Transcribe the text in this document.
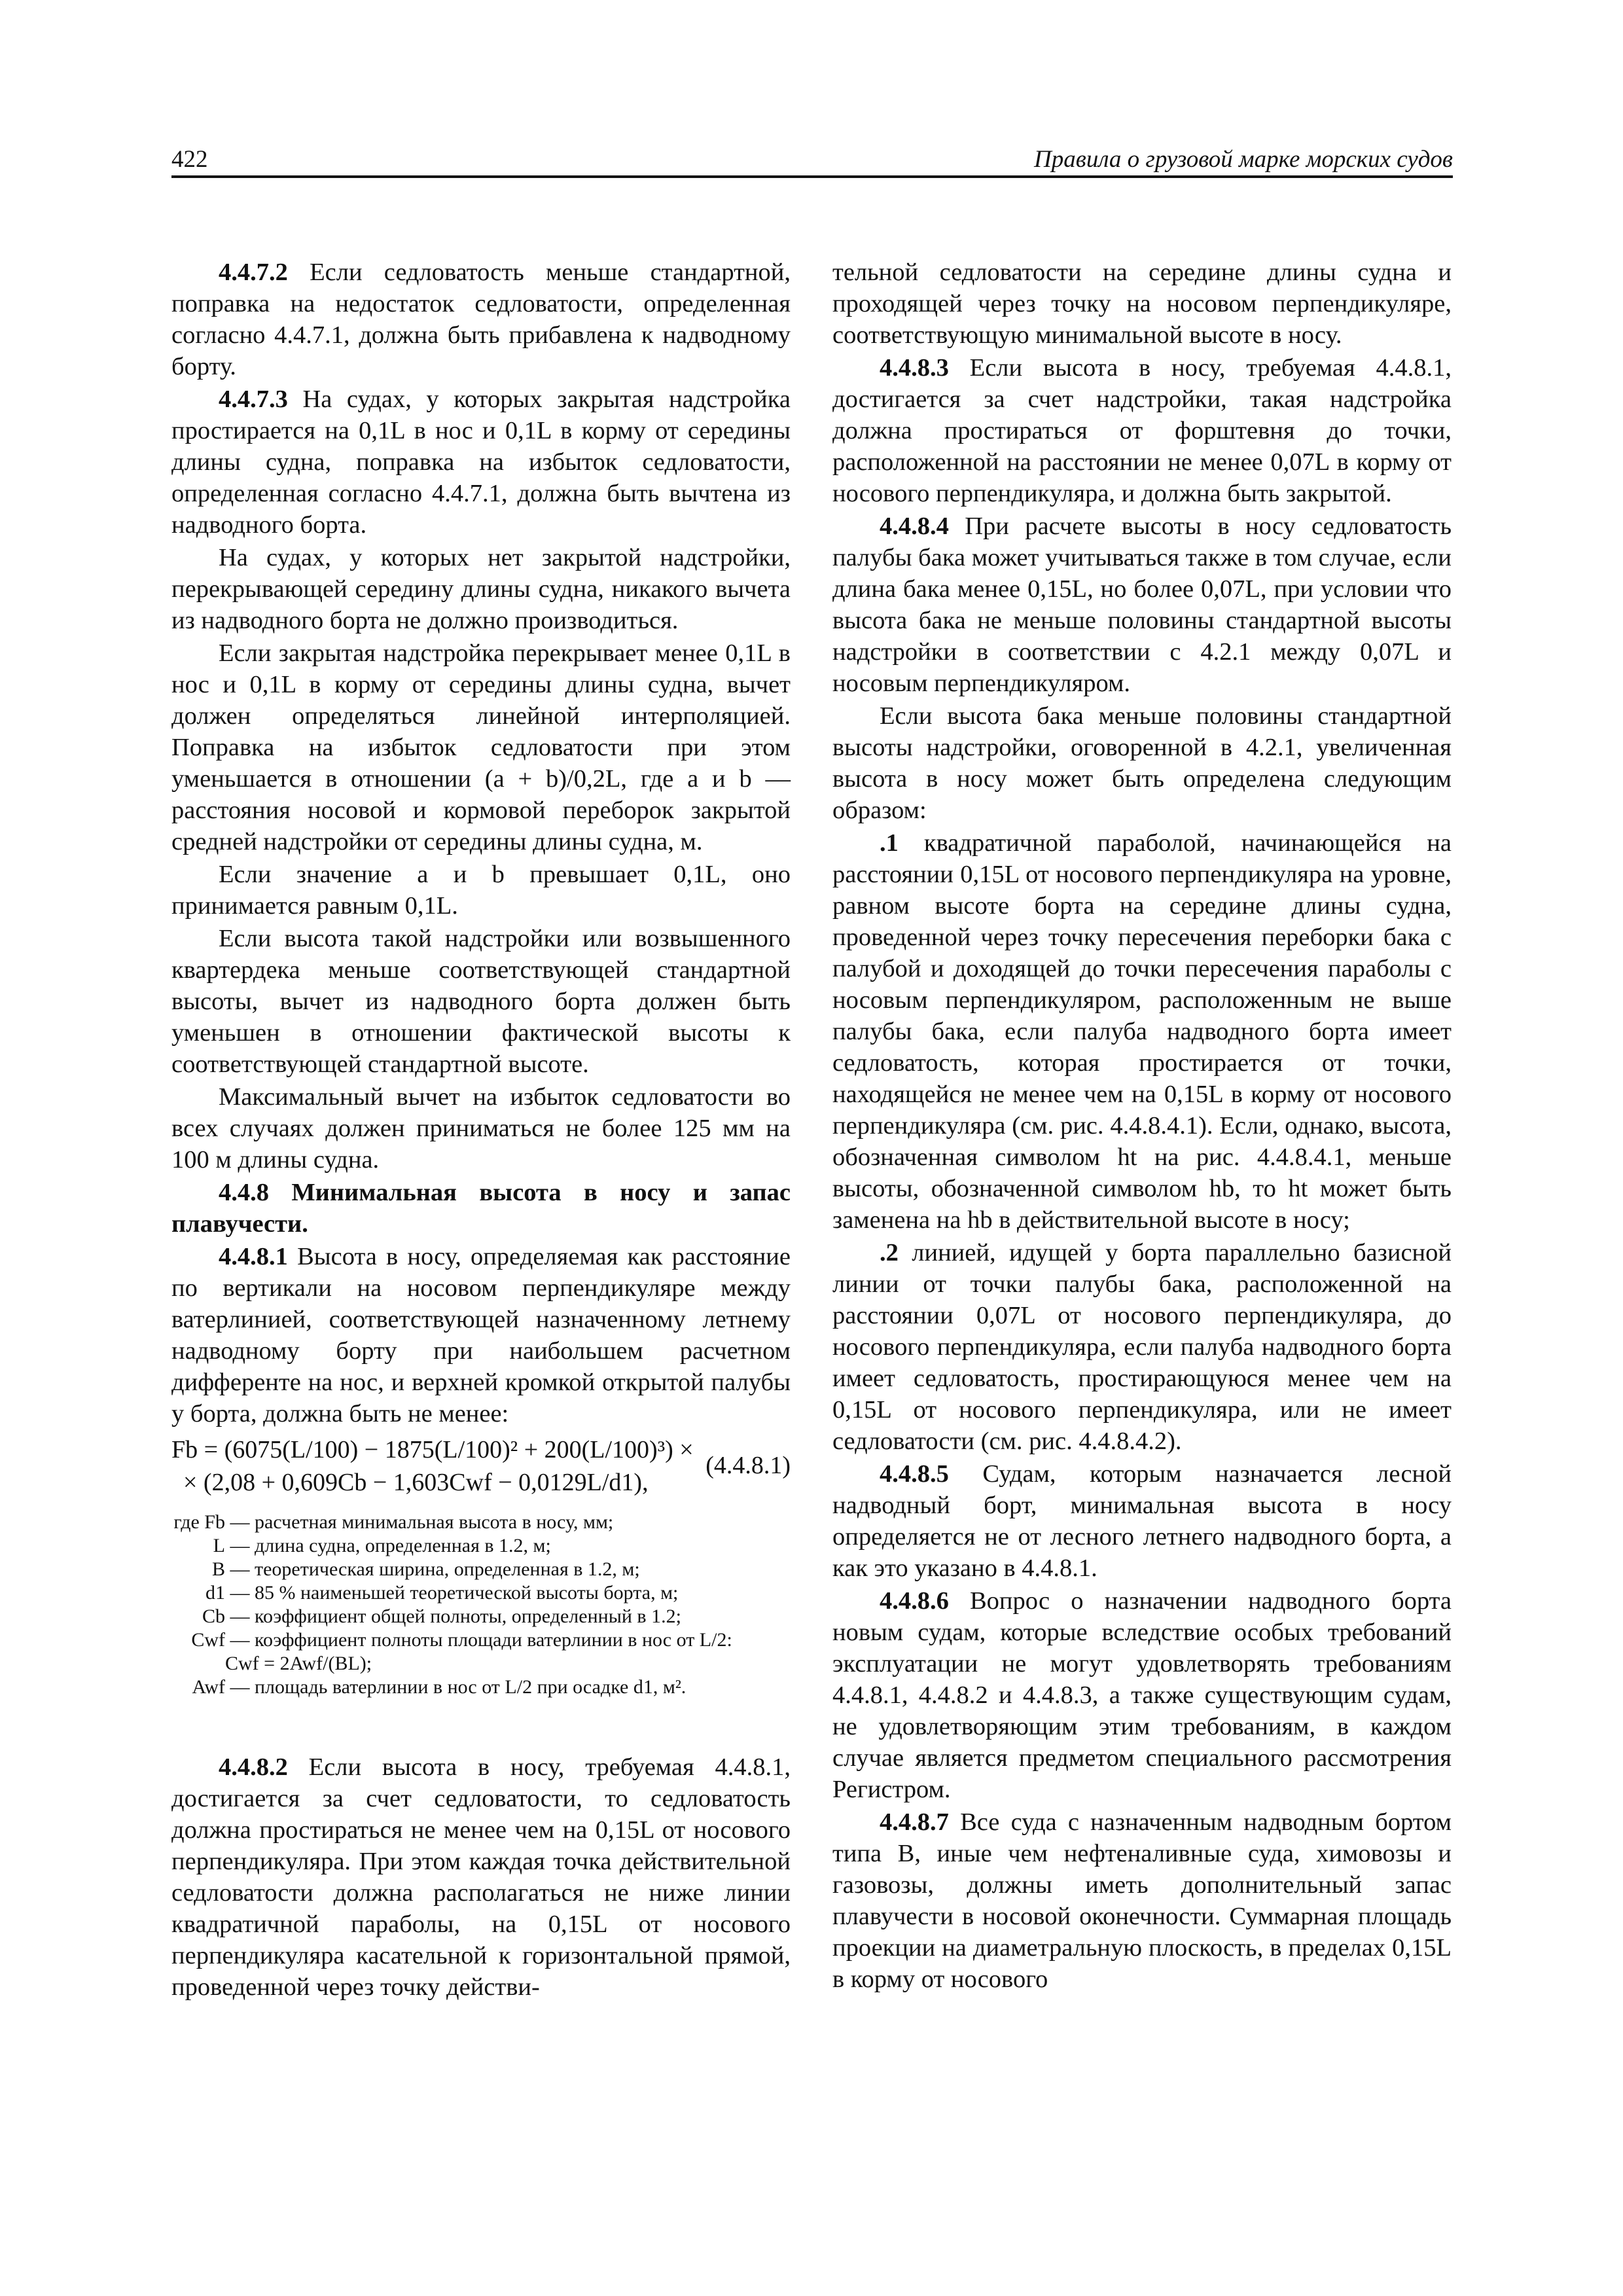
422	Правила о грузовой марке морских судов

4.4.7.2 Если седловатость меньше стандартной, поправка на недостаток седловатости, определенная согласно 4.4.7.1, должна быть прибавлена к надводному борту.

4.4.7.3 На судах, у которых закрытая надстройка простирается на 0,1L в нос и 0,1L в корму от середины длины судна, поправка на избыток седловатости, определенная согласно 4.4.7.1, должна быть вычтена из надводного борта.

На судах, у которых нет закрытой надстройки, перекрывающей середину длины судна, никакого вычета из надводного борта не должно производиться.

Если закрытая надстройка перекрывает менее 0,1L в нос и 0,1L в корму от середины длины судна, вычет должен определяться линейной интерполяцией. Поправка на избыток седловатости при этом уменьшается в отношении (a + b)/0,2L, где a и b — расстояния носовой и кормовой переборок закрытой средней надстройки от середины длины судна, м.

Если значение a и b превышает 0,1L, оно принимается равным 0,1L.

Если высота такой надстройки или возвышенного квартердека меньше соответствующей стандартной высоты, вычет из надводного борта должен быть уменьшен в отношении фактической высоты к соответствующей стандартной высоте.

Максимальный вычет на избыток седловатости во всех случаях должен приниматься не более 125 мм на 100 м длины судна.

4.4.8 Минимальная высота в носу и запас плавучести.

4.4.8.1 Высота в носу, определяемая как расстояние по вертикали на носовом перпендикуляре между ватерлинией, соответствующей назначенному летнему надводному борту при наибольшем расчетном дифференте на нос, и верхней кромкой открытой палубы у борта, должна быть не менее:

Fb = (6075(L/100) − 1875(L/100)² + 200(L/100)³) ×
× (2,08 + 0,609Cb − 1,603Cwf − 0,0129L/d1),
(4.4.8.1)
где Fb — расчетная минимальная высота в носу, мм;
L — длина судна, определенная в 1.2, м;
B — теоретическая ширина, определенная в 1.2, м;
d1 — 85 % наименьшей теоретической высоты борта, м;
Cb — коэффициент общей полноты, определенный в 1.2;
Cwf — коэффициент полноты площади ватерлинии в нос от L/2:
Cwf = 2Awf/(BL);
Awf — площадь ватерлинии в нос от L/2 при осадке d1, м².

4.4.8.2 Если высота в носу, требуемая 4.4.8.1, достигается за счет седловатости, то седловатость должна простираться не менее чем на 0,15L от носового перпендикуляра. При этом каждая точка действительной седловатости должна располагаться не ниже линии квадратичной параболы, на 0,15L от носового перпендикуляра касательной к горизонтальной прямой, проведенной через точку действи-

тельной седловатости на середине длины судна и проходящей через точку на носовом перпендикуляре, соответствующую минимальной высоте в носу.

4.4.8.3 Если высота в носу, требуемая 4.4.8.1, достигается за счет надстройки, такая надстройка должна простираться от форштевня до точки, расположенной на расстоянии не менее 0,07L в корму от носового перпендикуляра, и должна быть закрытой.

4.4.8.4 При расчете высоты в носу седловатость палубы бака может учитываться также в том случае, если длина бака менее 0,15L, но более 0,07L, при условии что высота бака не меньше половины стандартной высоты надстройки в соответствии с 4.2.1 между 0,07L и носовым перпендикуляром.

Если высота бака меньше половины стандартной высоты надстройки, оговоренной в 4.2.1, увеличенная высота в носу может быть определена следующим образом:

.1 квадратичной параболой, начинающейся на расстоянии 0,15L от носового перпендикуляра на уровне, равном высоте борта на середине длины судна, проведенной через точку пересечения переборки бака с палубой и доходящей до точки пересечения параболы с носовым перпендикуляром, расположенным не выше палубы бака, если палуба надводного борта имеет седловатость, которая простирается от точки, находящейся не менее чем на 0,15L в корму от носового перпендикуляра (см. рис. 4.4.8.4.1). Если, однако, высота, обозначенная символом ht на рис. 4.4.8.4.1, меньше высоты, обозначенной символом hb, то ht может быть заменена на hb в действительной высоте в носу;

.2 линией, идущей у борта параллельно базисной линии от точки палубы бака, расположенной на расстоянии 0,07L от носового перпендикуляра, до носового перпендикуляра, если палуба надводного борта имеет седловатость, простирающуюся менее чем на 0,15L от носового перпендикуляра, или не имеет седловатости (см. рис. 4.4.8.4.2).

4.4.8.5 Судам, которым назначается лесной надводный борт, минимальная высота в носу определяется не от лесного летнего надводного борта, а как это указано в 4.4.8.1.

4.4.8.6 Вопрос о назначении надводного борта новым судам, которые вследствие особых требований эксплуатации не могут удовлетворять требованиям 4.4.8.1, 4.4.8.2 и 4.4.8.3, а также существующим судам, не удовлетворяющим этим требованиям, в каждом случае является предметом специального рассмотрения Регистром.

4.4.8.7 Все суда с назначенным надводным бортом типа B, иные чем нефтеналивные суда, химовозы и газовозы, должны иметь дополнительный запас плавучести в носовой оконечности. Суммарная площадь проекции на диаметральную плоскость, в пределах 0,15L в корму от носового
